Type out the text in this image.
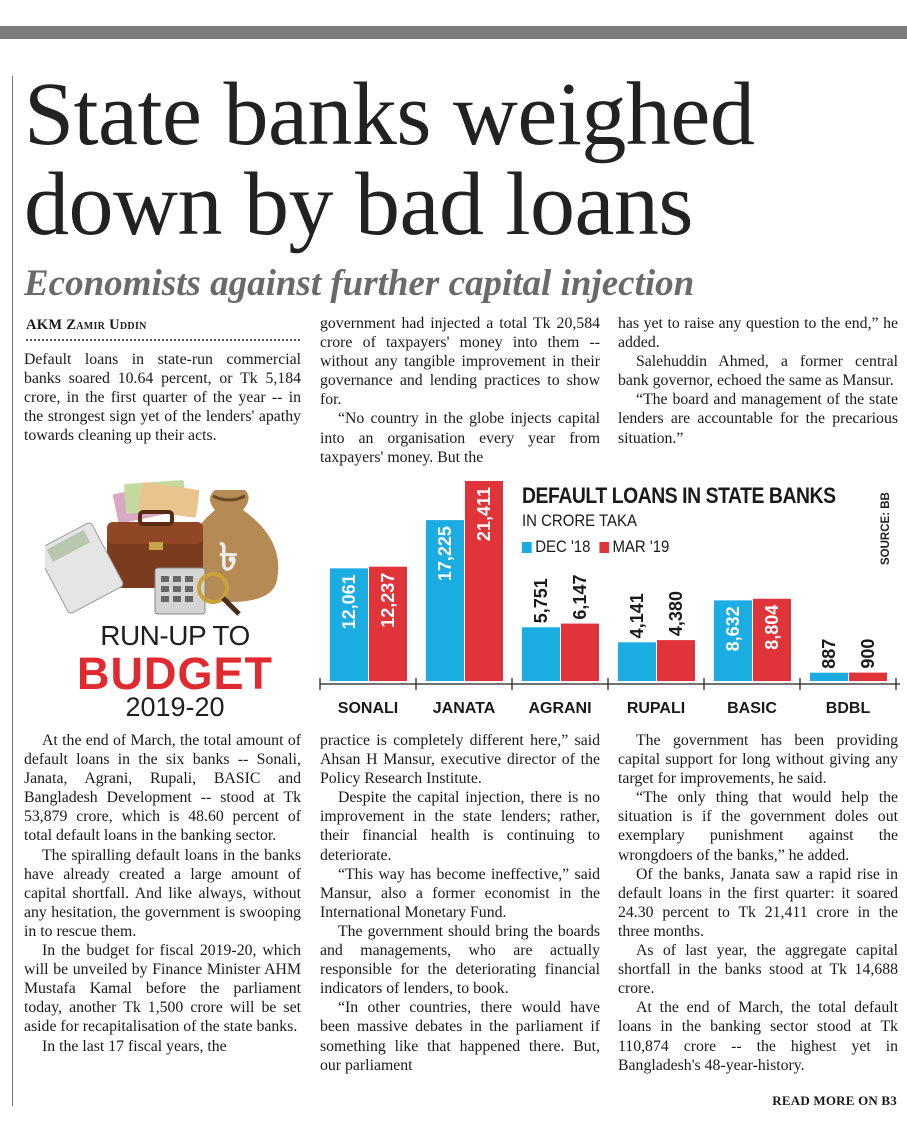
State banks weighed down by bad loans
Economists against further capital injection
AKM Zamir Uddin

Default loans in state-run commercial banks soared 10.64 percent, or Tk 5,184 crore, in the first quarter of the year -- in the strongest sign yet of the lenders' apathy towards cleaning up their acts.

government had injected a total Tk 20,584 crore of taxpayers' money into them -- without any tangible improvement in their governance and lending practices to show for.

“No country in the globe injects capital into an organisation every year from taxpayers' money. But the

has yet to raise any question to the end,” he added.

Salehuddin Ahmed, a former central bank governor, echoed the same as Mansur.

“The board and management of the state lenders are accountable for the precarious situation.”

৳
RUN-UP TO
BUDGET
2019-20
12,061 12,237
SONALI
17,225
21,411
JANATA
5,751 6,147
AGRANI
4,141 4,380
RUPALI
8,632 8,804
BASIC
887 900
BDBL
DEFAULT LOANS IN STATE BANKS
IN CRORE TAKA
DEC '18 MAR '19	SOURCE: BB

At the end of March, the total amount of default loans in the six banks -- Sonali, Janata, Agrani, Rupali, BASIC and Bangladesh Development -- stood at Tk 53,879 crore, which is 48.60 percent of total default loans in the banking sector.

The spiralling default loans in the banks have already created a large amount of capital shortfall. And like always, without any hesitation, the government is swooping in to rescue them.

In the budget for fiscal 2019-20, which will be unveiled by Finance Minister AHM Mustafa Kamal before the parliament today, another Tk 1,500 crore will be set aside for recapitalisation of the state banks.

In the last 17 fiscal years, the

practice is completely different here,” said Ahsan H Mansur, executive director of the Policy Research Institute.

Despite the capital injection, there is no improvement in the state lenders; rather, their financial health is continuing to deteriorate.

“This way has become ineffective,” said Mansur, also a former economist in the International Monetary Fund.

The government should bring the boards and managements, who are actually responsible for the deteriorating financial indicators of lenders, to book.

“In other countries, there would have been massive debates in the parliament if something like that happened there. But, our parliament

The government has been providing capital support for long without giving any target for improvements, he said.

“The only thing that would help the situation is if the government doles out exemplary punishment against the wrongdoers of the banks,” he added.

Of the banks, Janata saw a rapid rise in default loans in the first quarter: it soared 24.30 percent to Tk 21,411 crore in the three months.

As of last year, the aggregate capital shortfall in the banks stood at Tk 14,688 crore.

At the end of March, the total default loans in the banking sector stood at Tk 110,874 crore -- the highest yet in Bangladesh's 48-year-history.

READ MORE ON B3
